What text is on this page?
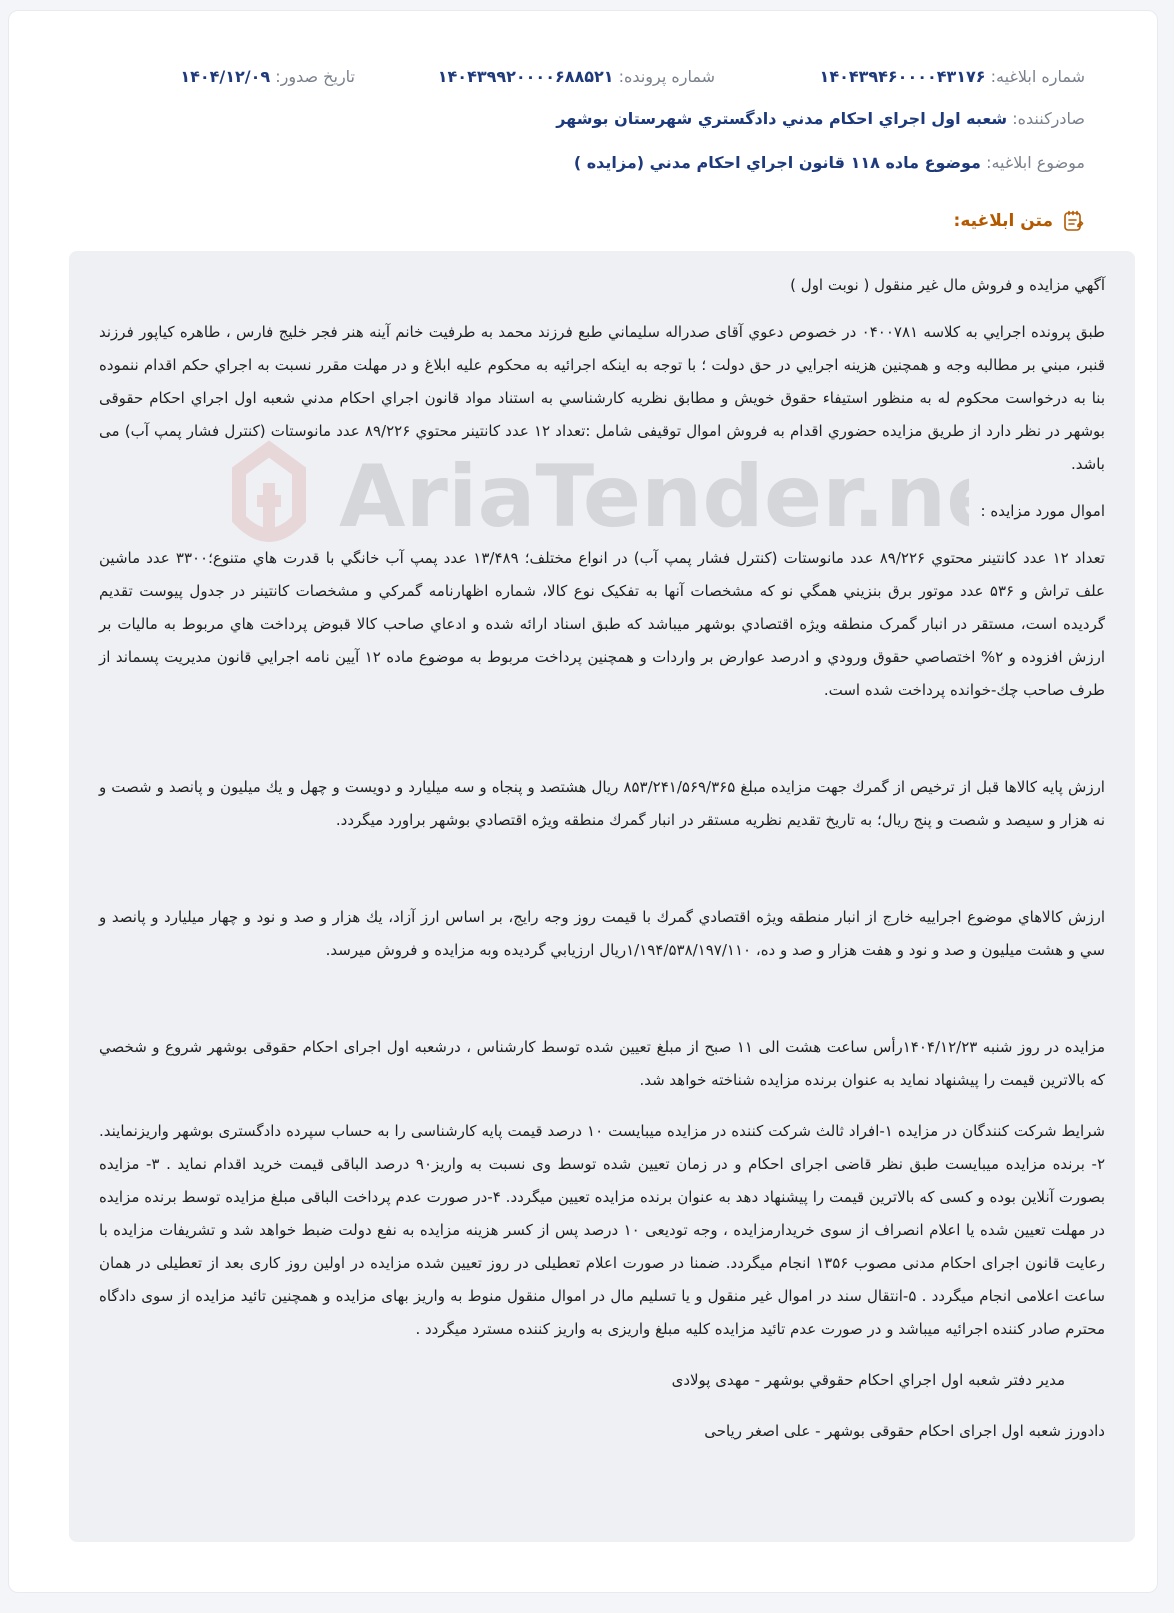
شماره ابلاغيه: ۱۴۰۴۳۹۴۶۰۰۰۰۴۳۱۷۶
شماره پرونده: ۱۴۰۴۳۹۹۲۰۰۰۰۶۸۸۵۲۱
تاريخ صدور: ۱۴۰۴/۱۲/۰۹
صادرکننده: شعبه اول اجراي احكام مدني دادگستري شهرستان بوشهر
موضوع ابلاغيه: موضوع ماده ۱۱۸ قانون اجراي احکام مدني (مزايده )
متن ابلاغيه:
AriaTender.n

آگهي مزايده و فروش مال غير منقول ( نوبت اول )

طبق پرونده اجرايي به کلاسه ۰۴۰۰۷۸۱ در خصوص دعوي آقای صدراله سليماني طبع فرزند محمد به طرفيت خانم آينه هنر فجر خليج فارس ، طاهره کياپور فرزند قنبر، مبني بر مطالبه وجه و همچنين هزينه اجرايي در حق دولت ؛ با توجه به اينکه اجرائيه به محکوم عليه ابلاغ و در مهلت مقرر نسبت به اجراي حکم اقدام ننموده بنا به درخواست محکوم له به منظور استيفاء حقوق خويش و مطابق نظريه کارشناسي به استناد مواد قانون اجراي احکام مدني شعبه اول اجراي احكام حقوقی بوشهر در نظر دارد از طريق مزايده حضوري اقدام به فروش اموال توقيفی شامل :تعداد ۱۲ عدد کانتينر محتوي ۸۹/۲۲۶ عدد مانوستات (کنترل فشار پمپ آب) می باشد.

اموال مورد مزايده :

تعداد ۱۲ عدد کانتينر محتوي ۸۹/۲۲۶ عدد مانوستات (کنترل فشار پمپ آب) در انواع مختلف؛ ۱۳/۴۸۹ عدد پمپ آب خانگي با قدرت هاي متنوع؛۳۳۰۰ عدد ماشين علف تراش و ۵۳۶ عدد موتور برق بنزيني همگي نو که مشخصات آنها به تفکيک نوع کالا، شماره اظهارنامه گمرکي و مشخصات کانتينر در جدول پيوست تقديم گرديده است، مستقر در انبار گمرک منطقه ويژه اقتصادي بوشهر ميباشد که طبق اسناد ارائه شده و ادعاي صاحب کالا قبوض پرداخت هاي مربوط به ماليات بر ارزش افزوده و ۲% اختصاصي حقوق ورودي و ادرصد عوارض بر واردات و همچنين پرداخت مربوط به موضوع ماده ۱۲ آيين نامه اجرايي قانون مديريت پسماند از طرف صاحب چك-خوانده پرداخت شده است.

ارزش پايه كالاها قبل از ترخيص از گمرك جهت مزايده مبلغ ۸۵۳/۲۴۱/۵۶۹/۳۶۵ ريال هشتصد و پنجاه و سه ميليارد و دويست و چهل و يك ميليون و پانصد و شصت و نه هزار و سيصد و شصت و پنج ريال؛ به تاريخ تقديم نظريه مستقر در انبار گمرك منطقه ويژه اقتصادي بوشهر براورد ميگردد.

ارزش كالاهاي موضوع اجراييه خارج از انبار منطقه ويژه اقتصادي گمرك با قيمت روز وجه رايج، بر اساس ارز آزاد، يك هزار و صد و نود و چهار ميليارد و پانصد و سي و هشت ميليون و صد و نود و هفت هزار و صد و ده، ۱/۱۹۴/۵۳۸/۱۹۷/۱۱۰ريال ارزيابي گرديده وبه مزايده و فروش ميرسد.

مزايده در روز شنبه ۱۴۰۴/۱۲/۲۳رأس ساعت هشت الی ۱۱ صبح از مبلغ تعيين شده توسط كارشناس ، درشعبه اول اجرای احکام حقوقی بوشهر شروع و شخصي كه بالاترين قيمت را پيشنهاد نمايد به عنوان برنده مزايده شناخته خواهد شد.

شرايط شركت كنندگان در مزايده ۱-افراد ثالث شرکت کننده در مزایده میبایست ۱۰ درصد قیمت پایه کارشناسی را به حساب سپرده دادگستری بوشهر واریزنمایند. ۲- برنده مزایده میبایست طبق نظر قاضی اجرای احکام و در زمان تعیین شده توسط وی نسبت به واریز۹۰ درصد الباقی قیمت خرید اقدام نماید . ۳- مزایده بصورت آنلاین بوده و کسی که بالاترین قیمت را پیشنهاد دهد به عنوان برنده مزایده تعیین میگردد. ۴-در صورت عدم پرداخت الباقی مبلغ مزایده توسط برنده مزایده در مهلت تعیین شده یا اعلام انصراف از سوی خریدارمزایده ، وجه تودیعی ۱۰ درصد پس از کسر هزینه مزایده به نفع دولت ضبط خواهد شد و تشریفات مزایده با رعایت قانون اجرای احکام مدنی مصوب ۱۳۵۶ انجام میگردد. ضمنا در صورت اعلام تعطیلی در روز تعیین شده مزایده در اولین روز کاری بعد از تعطیلی در همان ساعت اعلامی انجام میگردد . ۵-انتقال سند در اموال غیر منقول و یا تسلیم مال در اموال منقول منوط به واریز بهای مزایده و همچنین تائید مزایده از سوی دادگاه محترم صادر کننده اجرائیه میباشد و در صورت عدم تائید مزایده کلیه مبلغ واریزی به واریز کننده مسترد میگردد .

مدير دفتر شعبه اول اجراي احكام حقوقي بوشهر - مهدی پولادی

دادورز شعبه اول اجرای احکام حقوقی بوشهر - علی اصغر ریاحی
